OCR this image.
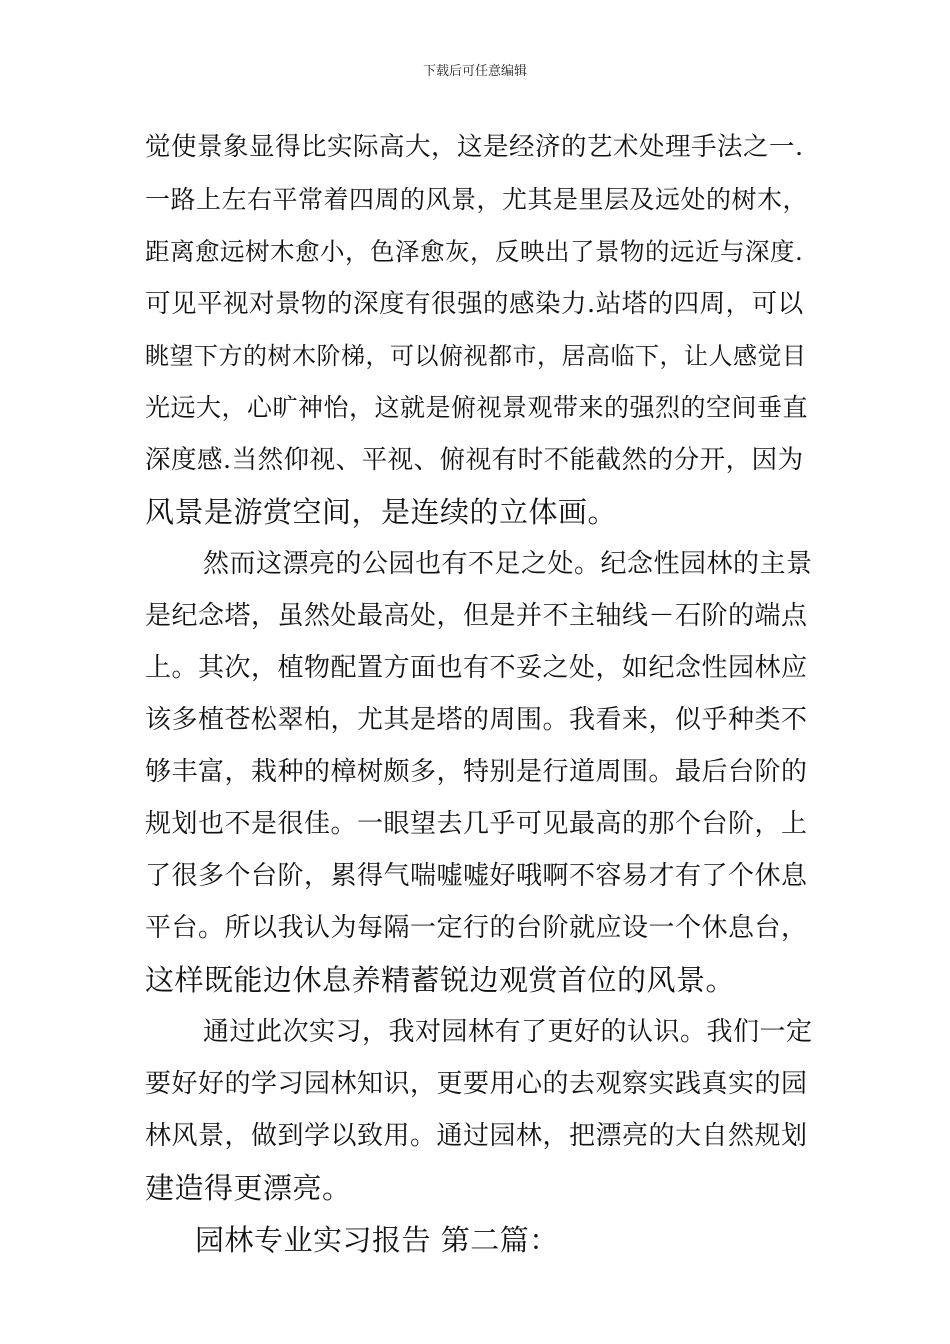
下载后可任意编辑
觉使景象显得比实际高大，这是经济的艺术处理手法之一.
一路上左右平常着四周的风景，尤其是里层及远处的树木，
距离愈远树木愈小，色泽愈灰，反映出了景物的远近与深度.
可见平视对景物的深度有很强的感染力.站塔的四周，可以
眺望下方的树木阶梯，可以俯视都市，居高临下，让人感觉目
光远大，心旷神怡，这就是俯视景观带来的强烈的空间垂直
深度感.当然仰视、平视、俯视有时不能截然的分开，因为
风景是游赏空间，是连续的立体画。
然而这漂亮的公园也有不足之处。纪念性园林的主景
是纪念塔，虽然处最高处，但是并不主轴线－石阶的端点
上。其次，植物配置方面也有不妥之处，如纪念性园林应
该多植苍松翠柏，尤其是塔的周围。我看来，似乎种类不
够丰富，栽种的樟树颇多，特别是行道周围。最后台阶的
规划也不是很佳。一眼望去几乎可见最高的那个台阶，上
了很多个台阶，累得气喘嘘嘘好哦啊不容易才有了个休息
平台。所以我认为每隔一定行的台阶就应设一个休息台，
这样既能边休息养精蓄锐边观赏首位的风景。
通过此次实习，我对园林有了更好的认识。我们一定
要好好的学习园林知识，更要用心的去观察实践真实的园
林风景，做到学以致用。通过园林，把漂亮的大自然规划
建造得更漂亮。
园林专业实习报告 第二篇：
